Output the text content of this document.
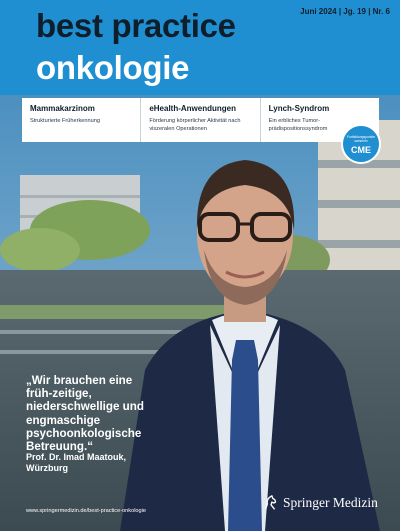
Juni 2024 | Jg. 19 | Nr. 6
best practice
onkologie
Mammakarzinom
Strukturierte Früherkennung
eHealth-Anwendungen
Förderung körperlicher Aktivität nach viszeralen Operationen
Lynch-Syndrom
Ein erbliches Tumor-prädispositionssyndrom
Fortbildungspunkte sammeln
CME
„Wir brauchen eine früh-zeitige, niederschwellige und engmaschige psychoonkologische Betreuung.“
Prof. Dr. Imad Maatouk,
Würzburg
www.springermedizin.de/best-practice-onkologie
Springer Medizin
